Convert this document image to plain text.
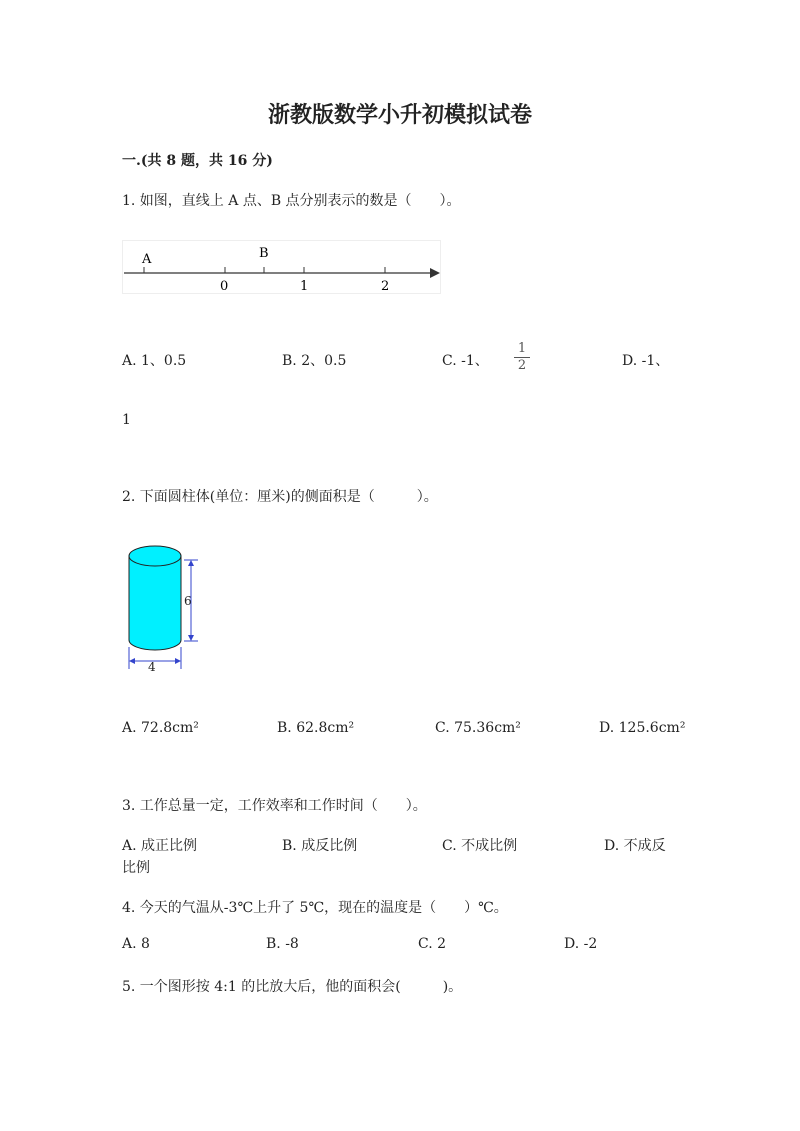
浙教版数学小升初模拟试卷
一.(共 8 题，共 16 分)
1. 如图，直线上 A 点、B 点分别表示的数是（　　）。
A	B
0	1	2
A. 1、0.5	B. 2、0.5	C. -1、
1
2	D. -1、
1
2. 下面圆柱体(单位：厘米)的侧面积是（　　　）。
6
4
A. 72.8cm²	B. 62.8cm²	C. 75.36cm²	D. 125.6cm²
3. 工作总量一定，工作效率和工作时间（　　）。
A. 成正比例	B. 成反比例	C. 不成比例	D. 不成反
比例
4. 今天的气温从-3℃上升了 5℃，现在的温度是（　　）℃。
A. 8	B. -8	C. 2	D. -2
5. 一个图形按 4:1 的比放大后，他的面积会(　　　)。
